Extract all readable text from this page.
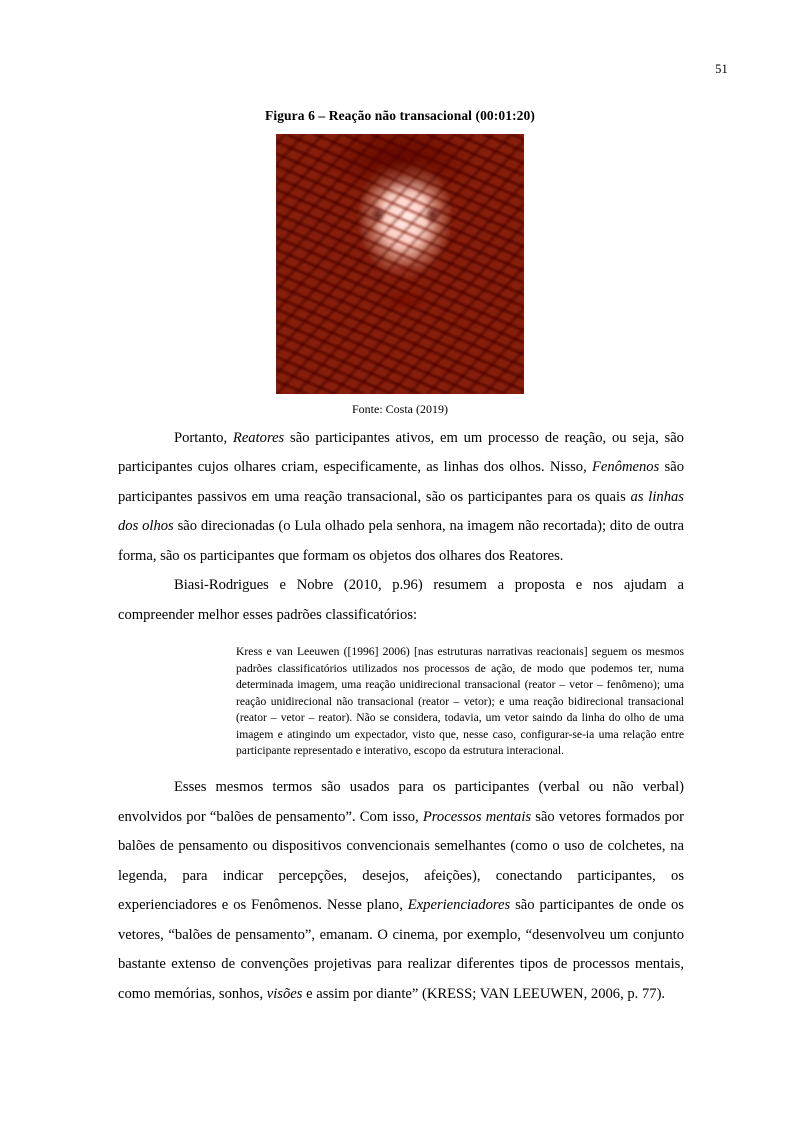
51
Figura 6 – Reação não transacional (00:01:20)
Fonte: Costa (2019)

Portanto, Reatores são participantes ativos, em um processo de reação, ou seja, são participantes cujos olhares criam, especificamente, as linhas dos olhos. Nisso, Fenômenos são participantes passivos em uma reação transacional, são os participantes para os quais as linhas dos olhos são direcionadas (o Lula olhado pela senhora, na imagem não recortada); dito de outra forma, são os participantes que formam os objetos dos olhares dos Reatores.

Biasi-Rodrigues e Nobre (2010, p.96) resumem a proposta e nos ajudam a compreender melhor esses padrões classificatórios:

Kress e van Leeuwen ([1996] 2006) [nas estruturas narrativas reacionais] seguem os mesmos padrões classificatórios utilizados nos processos de ação, de modo que podemos ter, numa determinada imagem, uma reação unidirecional transacional (reator – vetor – fenômeno); uma reação unidirecional não transacional (reator – vetor); e uma reação bidirecional transacional (reator – vetor – reator). Não se considera, todavia, um vetor saindo da linha do olho de uma imagem e atingindo um expectador, visto que, nesse caso, configurar-se-ia uma relação entre participante representado e interativo, escopo da estrutura interacional.

Esses mesmos termos são usados para os participantes (verbal ou não verbal) envolvidos por “balões de pensamento”. Com isso, Processos mentais são vetores formados por balões de pensamento ou dispositivos convencionais semelhantes (como o uso de colchetes, na legenda, para indicar percepções, desejos, afeições), conectando participantes, os experienciadores e os Fenômenos. Nesse plano, Experienciadores são participantes de onde os vetores, “balões de pensamento”, emanam. O cinema, por exemplo, “desenvolveu um conjunto bastante extenso de convenções projetivas para realizar diferentes tipos de processos mentais, como memórias, sonhos, visões e assim por diante” (KRESS; VAN LEEUWEN, 2006, p. 77).
